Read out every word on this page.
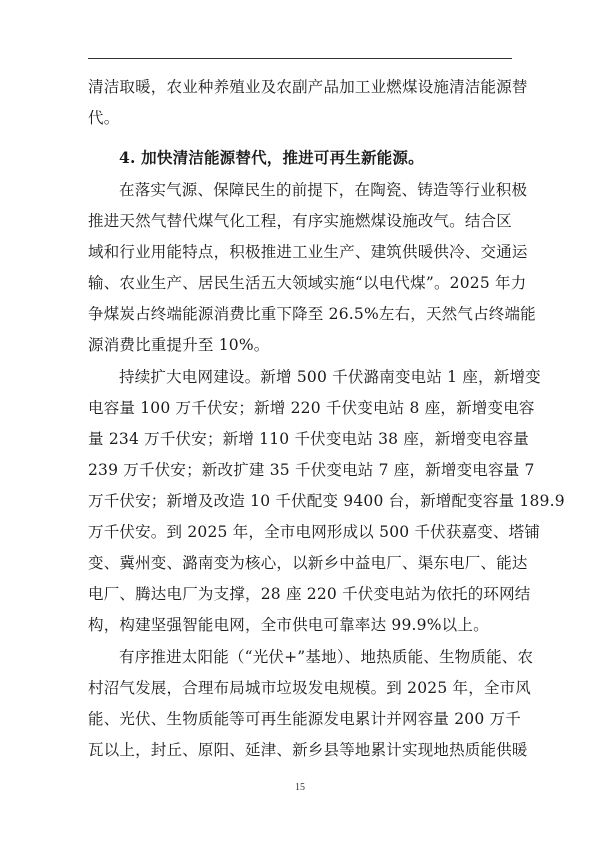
清洁取暖，农业种养殖业及农副产品加工业燃煤设施清洁能源替
代。
4. 加快清洁能源替代，推进可再生新能源。
在落实气源、保障民生的前提下，在陶瓷、铸造等行业积极
推进天然气替代煤气化工程，有序实施燃煤设施改气。结合区
域和行业用能特点，积极推进工业生产、建筑供暖供冷、交通运
输、农业生产、居民生活五大领域实施“以电代煤”。2025 年力
争煤炭占终端能源消费比重下降至 26.5%左右，天然气占终端能
源消费比重提升至 10%。
持续扩大电网建设。新增 500 千伏潞南变电站 1 座，新增变
电容量 100 万千伏安；新增 220 千伏变电站 8 座，新增变电容
量 234 万千伏安；新增 110 千伏变电站 38 座，新增变电容量
239 万千伏安；新改扩建 35 千伏变电站 7 座，新增变电容量 7
万千伏安；新增及改造 10 千伏配变 9400 台，新增配变容量 189.9
万千伏安。到 2025 年，全市电网形成以 500 千伏获嘉变、塔铺
变、冀州变、潞南变为核心，以新乡中益电厂、渠东电厂、能达
电厂、腾达电厂为支撑，28 座 220 千伏变电站为依托的环网结
构，构建坚强智能电网，全市供电可靠率达 99.9%以上。
有序推进太阳能（“光伏+”基地）、地热质能、生物质能、农
村沼气发展，合理布局城市垃圾发电规模。到 2025 年，全市风
能、光伏、生物质能等可再生能源发电累计并网容量 200 万千
瓦以上，封丘、原阳、延津、新乡县等地累计实现地热质能供暖
15
